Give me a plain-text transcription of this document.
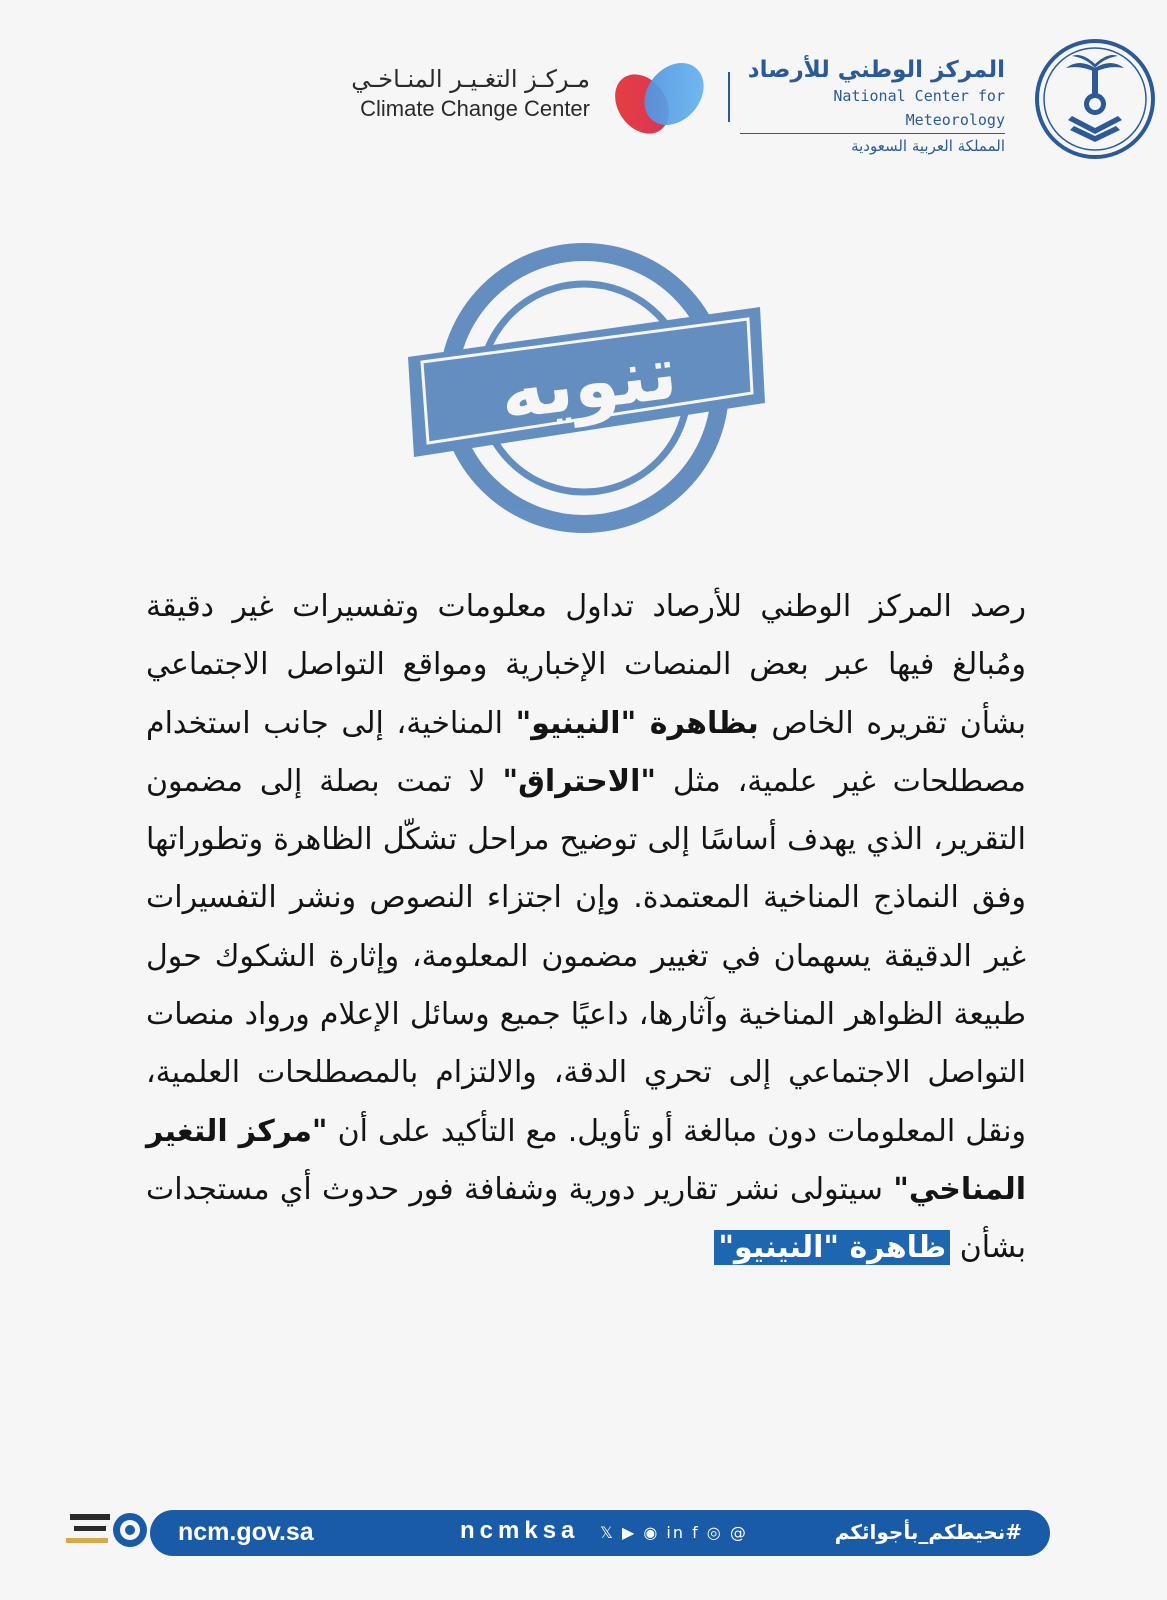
المركز الوطني للأرصاد
National Center for Meteorology
المملكة العربية السعودية
مـركـز التغـيـر المنـاخـي
Climate Change Center
تنويه
رصد المركز الوطني للأرصاد تداول معلومات وتفسيرات غير دقيقة ومُبالغ فيها عبر بعض المنصات الإخبارية ومواقع التواصل الاجتماعي بشأن تقريره الخاص بظاهرة "النينيو" المناخية، إلى جانب استخدام مصطلحات غير علمية، مثل "الاحتراق" لا تمت بصلة إلى مضمون التقرير، الذي يهدف أساسًا إلى توضيح مراحل تشكّل الظاهرة وتطوراتها وفق النماذج المناخية المعتمدة. وإن اجتزاء النصوص ونشر التفسيرات غير الدقيقة يسهمان في تغيير مضمون المعلومة، وإثارة الشكوك حول طبيعة الظواهر المناخية وآثارها، داعيًا جميع وسائل الإعلام ورواد منصات التواصل الاجتماعي إلى تحري الدقة، والالتزام بالمصطلحات العلمية، ونقل المعلومات دون مبالغة أو تأويل. مع التأكيد على أن "مركز التغير المناخي" سيتولى نشر تقارير دورية وشفافة فور حدوث أي مستجدات بشأن ظاهرة "النينيو"
ncm.gov.sa	ncmksa 𝕏 ▶ ◉ in f ◎ @	#نحيطكم_بأجوائكم
